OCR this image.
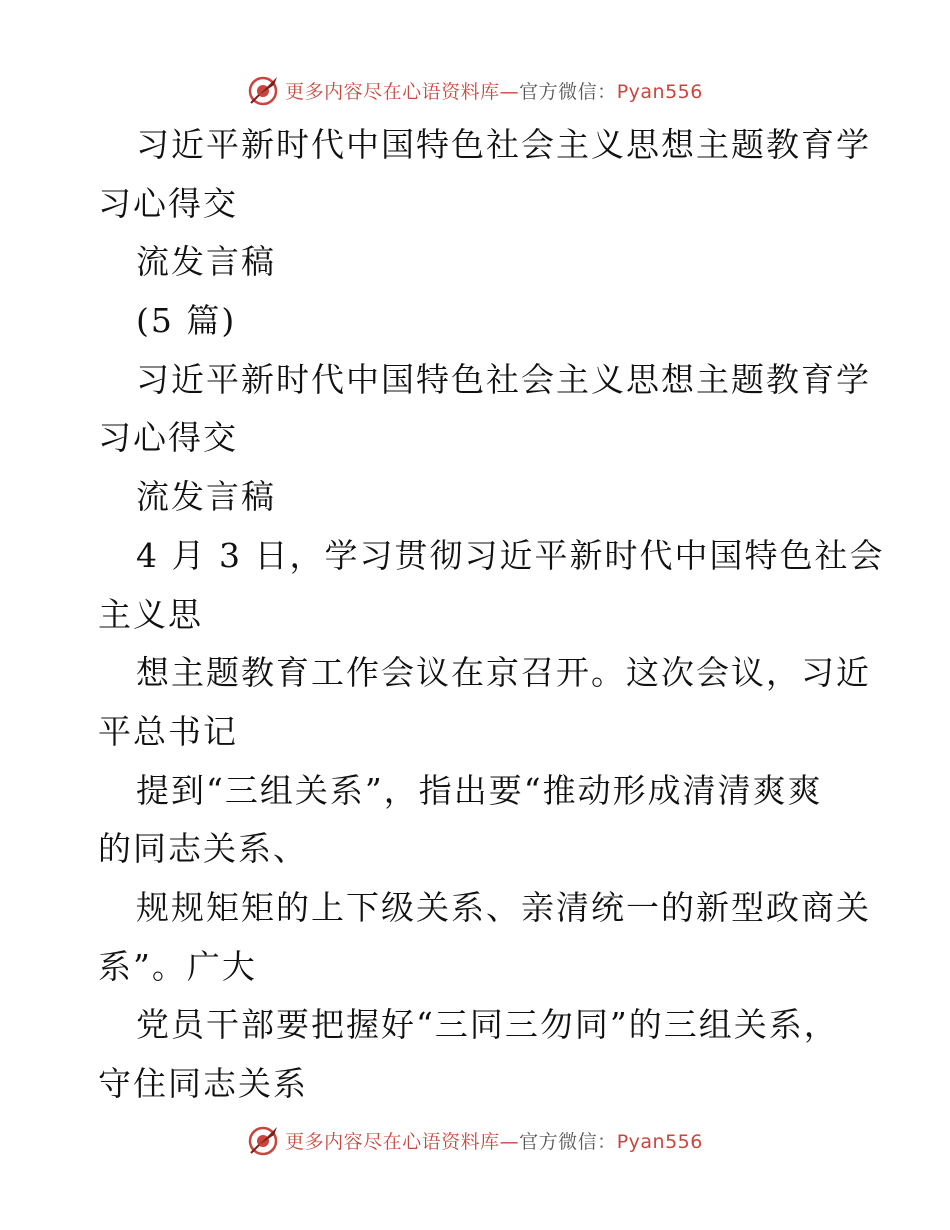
更多内容尽在心语资料库—官方微信：Pyan556
习近平新时代中国特色社会主义思想主题教育学
习心得交
流发言稿
(5 篇)
习近平新时代中国特色社会主义思想主题教育学
习心得交
流发言稿
4 月 3 日，学习贯彻习近平新时代中国特色社会
主义思
想主题教育工作会议在京召开。这次会议，习近
平总书记
提到“三组关系”，指出要“推动形成清清爽爽
的同志关系、
规规矩矩的上下级关系、亲清统一的新型政商关
系”。广大
党员干部要把握好“三同三勿同”的三组关系，
守住同志关系
更多内容尽在心语资料库—官方微信：Pyan556
